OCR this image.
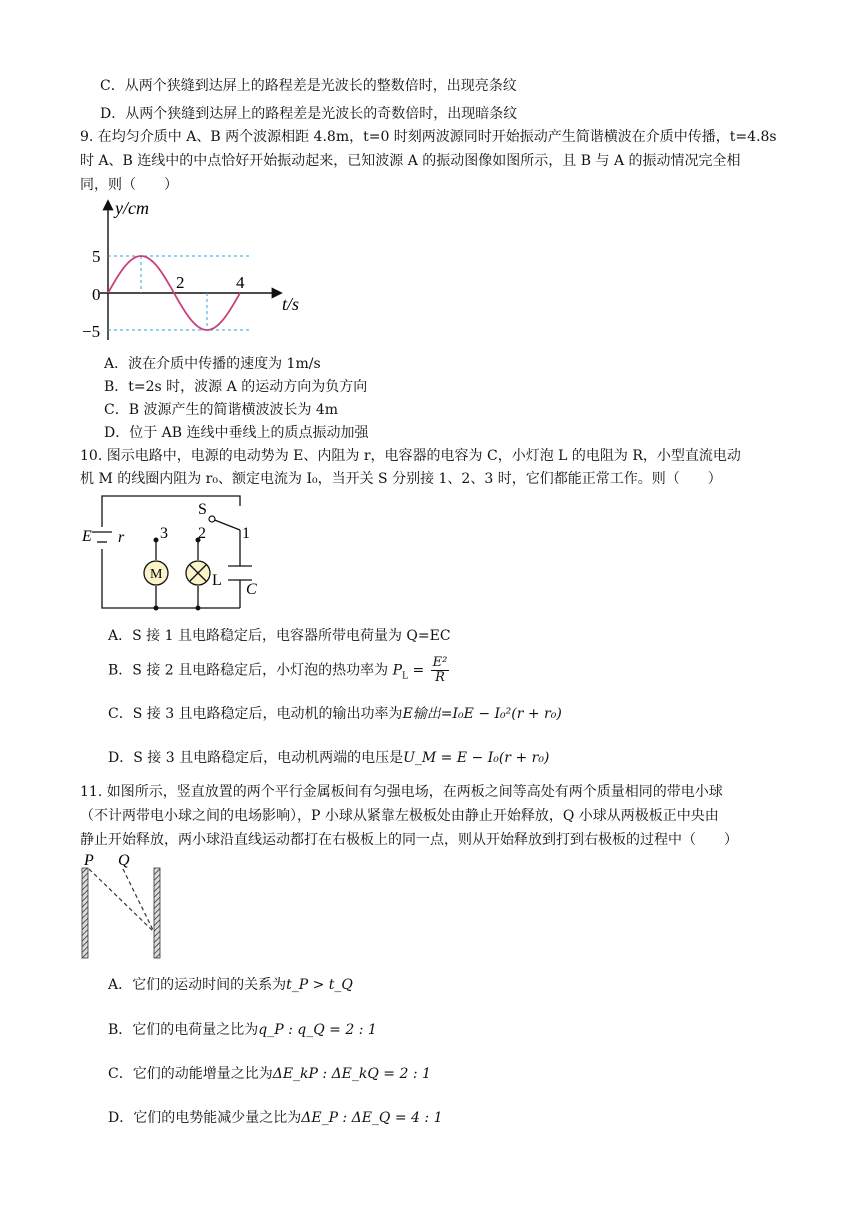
C．从两个狭缝到达屏上的路程差是光波长的整数倍时，出现亮条纹
D．从两个狭缝到达屏上的路程差是光波长的奇数倍时，出现暗条纹
9. 在均匀介质中 A、B 两个波源相距 4.8m，t=0 时刻两波源同时开始振动产生简谐横波在介质中传播，t=4.8s
时 A、B 连线中的中点恰好开始振动起来，已知波源 A 的振动图像如图所示，且 B 与 A 的振动情况完全相
同，则（　　）
y/cm
t/s
5
0
−5
2	4
A．波在介质中传播的速度为 1m/s
B．t=2s 时，波源 A 的运动方向为负方向
C．B 波源产生的简谐横波波长为 4m
D．位于 AB 连线中垂线上的质点振动加强
10. 图示电路中，电源的电动势为 E、内阻为 r，电容器的电容为 C，小灯泡 L 的电阻为 R，小型直流电动
机 M 的线圈内阻为 r₀、额定电流为 I₀，当开关 S 分别接 1、2、3 时，它们都能正常工作。则（　　）
E r
S
1
2
3
M	L
C
A．S 接 1 且电路稳定后，电容器所带电荷量为 Q=EC
B．S 接 2 且电路稳定后，小灯泡的热功率为 $P_L = \frac{\text{E²}}{R}$
C．S 接 3 且电路稳定后，电动机的输出功率为E输出=I₀E − I₀²(r + r₀)
D．S 接 3 且电路稳定后，电动机两端的电压是U_M = E − I₀(r + r₀)
11. 如图所示，竖直放置的两个平行金属板间有匀强电场，在两板之间等高处有两个质量相同的带电小球
（不计两带电小球之间的电场影响），P 小球从紧靠左极板处由静止开始释放，Q 小球从两极板正中央由
静止开始释放，两小球沿直线运动都打在右极板上的同一点，则从开始释放到打到右极板的过程中（　　）
P Q
A．它们的运动时间的关系为t_P > t_Q
B．它们的电荷量之比为q_P : q_Q = 2 : 1
C．它们的动能增量之比为ΔE_kP : ΔE_kQ = 2 : 1
D．它们的电势能减少量之比为ΔE_P : ΔE_Q = 4 : 1
